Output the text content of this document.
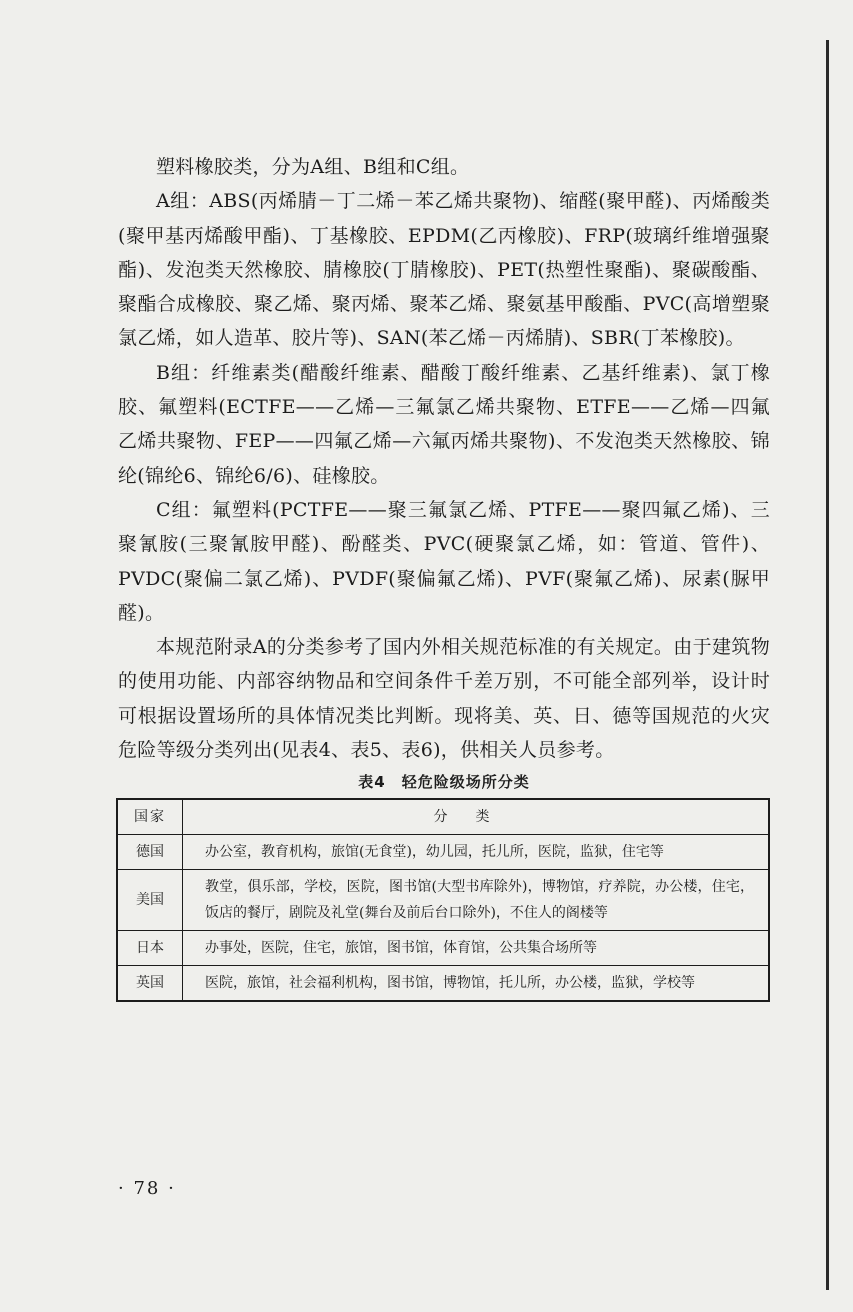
塑料橡胶类，分为A组、B组和C组。

A组：ABS(丙烯腈－丁二烯－苯乙烯共聚物)、缩醛(聚甲醛)、丙烯酸类(聚甲基丙烯酸甲酯)、丁基橡胶、EPDM(乙丙橡胶)、FRP(玻璃纤维增强聚酯)、发泡类天然橡胶、腈橡胶(丁腈橡胶)、PET(热塑性聚酯)、聚碳酸酯、聚酯合成橡胶、聚乙烯、聚丙烯、聚苯乙烯、聚氨基甲酸酯、PVC(高增塑聚氯乙烯，如人造革、胶片等)、SAN(苯乙烯－丙烯腈)、SBR(丁苯橡胶)。

B组：纤维素类(醋酸纤维素、醋酸丁酸纤维素、乙基纤维素)、氯丁橡胶、氟塑料(ECTFE——乙烯—三氟氯乙烯共聚物、ETFE——乙烯—四氟乙烯共聚物、FEP——四氟乙烯—六氟丙烯共聚物)、不发泡类天然橡胶、锦纶(锦纶6、锦纶6/6)、硅橡胶。

C组：氟塑料(PCTFE——聚三氟氯乙烯、PTFE——聚四氟乙烯)、三聚氰胺(三聚氰胺甲醛)、酚醛类、PVC(硬聚氯乙烯，如：管道、管件)、PVDC(聚偏二氯乙烯)、PVDF(聚偏氟乙烯)、PVF(聚氟乙烯)、尿素(脲甲醛)。

本规范附录A的分类参考了国内外相关规范标准的有关规定。由于建筑物的使用功能、内部容纳物品和空间条件千差万别，不可能全部列举，设计时可根据设置场所的具体情况类比判断。现将美、英、日、德等国规范的火灾危险等级分类列出(见表4、表5、表6)，供相关人员参考。

表4　轻危险级场所分类
国家	分类
德国	办公室，教育机构，旅馆(无食堂)，幼儿园，托儿所，医院，监狱，住宅等
美国	教堂，俱乐部，学校，医院，图书馆(大型书库除外)，博物馆，疗养院，办公楼，住宅，饭店的餐厅，剧院及礼堂(舞台及前后台口除外)，不住人的阁楼等
日本	办事处，医院，住宅，旅馆，图书馆，体育馆，公共集合场所等
英国	医院，旅馆，社会福利机构，图书馆，博物馆，托儿所，办公楼，监狱，学校等
· 78 ·
